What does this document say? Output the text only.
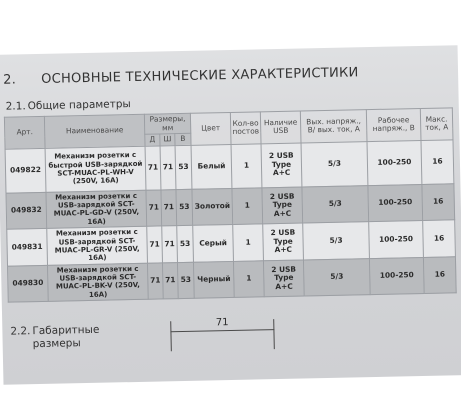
2. ОСНОВНЫЕ ТЕХНИЧЕСКИЕ ХАРАКТЕРИСТИКИ
2.1. Общие параметры
Арт.	Наименование	Размеры, мм			Цвет	Кол-во постов	Наличие USB	Вых. напряж., В/ вых. ток, А	Рабочее напряж., В	Макс. ток, А
		Д	Ш	В						
049822	Механизм розетки с быстрой USB-зарядкой SCT-MUAC-PL-WH-V (250V, 16A)	71	71	53	Белый	1	2 USB Type A+C	5/3	100-250	16
049832	Механизм розетки с USB-зарядкой SCT-MUAC-PL-GD-V (250V, 16A)	71	71	53	Золотой	1	2 USB Type A+C	5/3	100-250	16
049831	Механизм розетки с USB-зарядкой SCT-MUAC-PL-GR-V (250V, 16A)	71	71	53	Серый	1	2 USB Type A+C	5/3	100-250	16
049830	Механизм розетки с USB-зарядкой SCT-MUAC-PL-BK-V (250V, 16A)	71	71	53	Черный	1	2 USB Type A+C	5/3	100-250	16
2.2. Габаритные размеры
71
